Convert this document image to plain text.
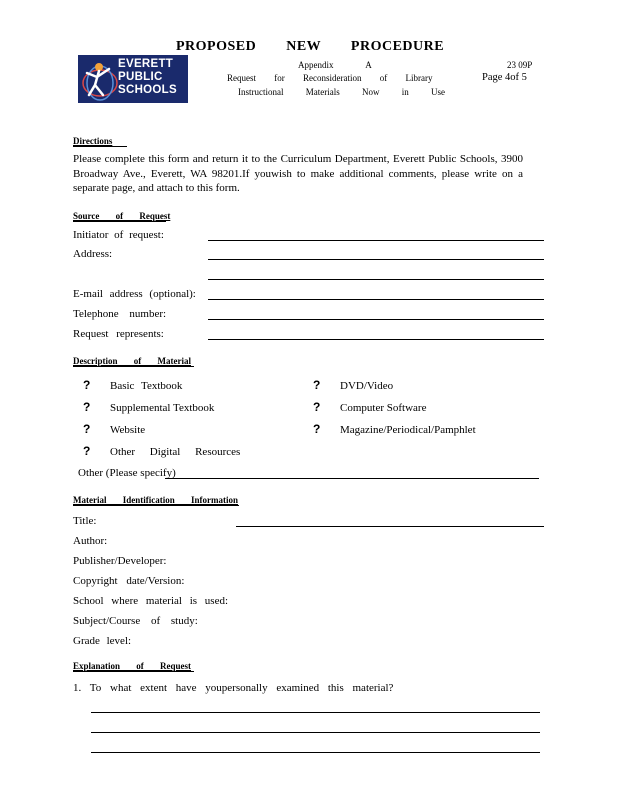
PROPOSED NEW PROCEDURE
EVERETT
PUBLIC
SCHOOLS
Appendix A	23 09P
Request for Reconsideration of Library	Page 4of 5
Instructional Materials Now in Use
Directions
Please complete this form and return it to the Curriculum Department, Everett Public Schools, 3900 Broadway Ave., Everett, WA 98201.If youwish to make additional comments, please write on a separate page, and attach to this form.
Source of Request
Initiator of request:
Address:
E-mail address (optional):
Telephone number:
Request represents:
Description of Material
? Basic Textbook
? Supplemental Textbook
? Website
? Other Digital Resources
? DVD/Video
? Computer Software
? Magazine/Periodical/Pamphlet
Other (Please specify)
Material Identification Information
Title:
Author:
Publisher/Developer:
Copyright date/Version:
School where material is used:
Subject/Course of study:
Grade level:
Explanation of Request
1. To what extent have youpersonally examined this material?
